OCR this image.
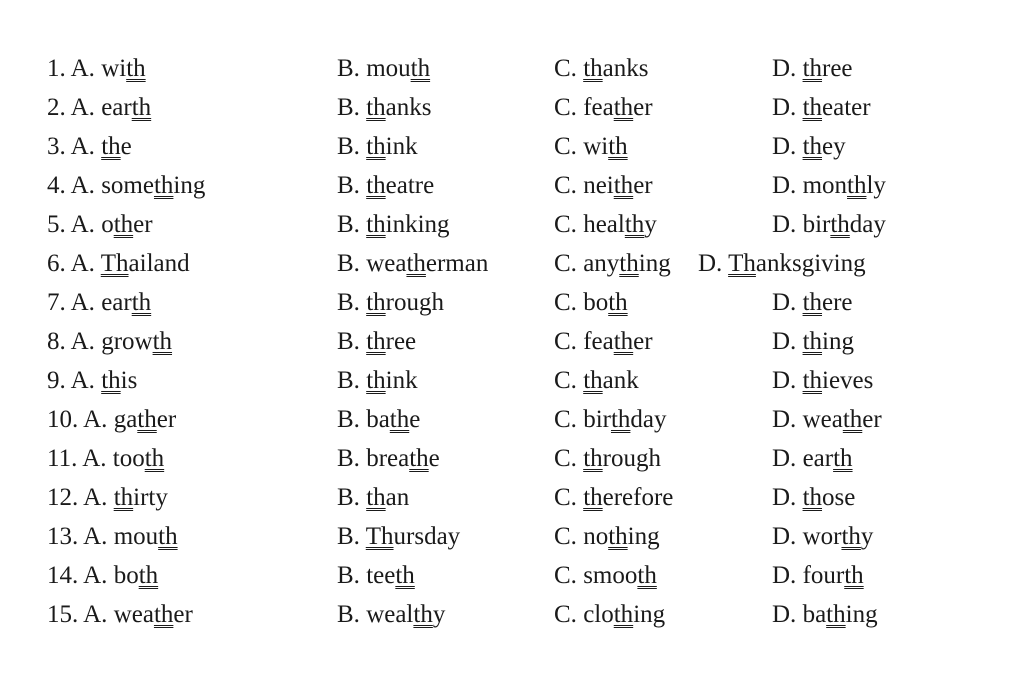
1. A. with	B. mouth	C. thanks	D. three
2. A. earth	B. thanks	C. feather	D. theater
3. A. the	B. think	C. with	D. they
4. A. something	B. theatre	C. neither	D. monthly
5. A. other	B. thinking	C. healthy	D. birthday
6. A. Thailand	B. weatherman	C. anything D. Thanksgiving
7. A. earth	B. through	C. both	D. there
8. A. growth	B. three	C. feather	D. thing
9. A. this	B. think	C. thank	D. thieves
10. A. gather	B. bathe	C. birthday	D. weather
11. A. tooth	B. breathe	C. through	D. earth
12. A. thirty	B. than	C. therefore	D. those
13. A. mouth	B. Thursday	C. nothing	D. worthy
14. A. both	B. teeth	C. smooth	D. fourth
15. A. weather	B. wealthy	C. clothing	D. bathing
